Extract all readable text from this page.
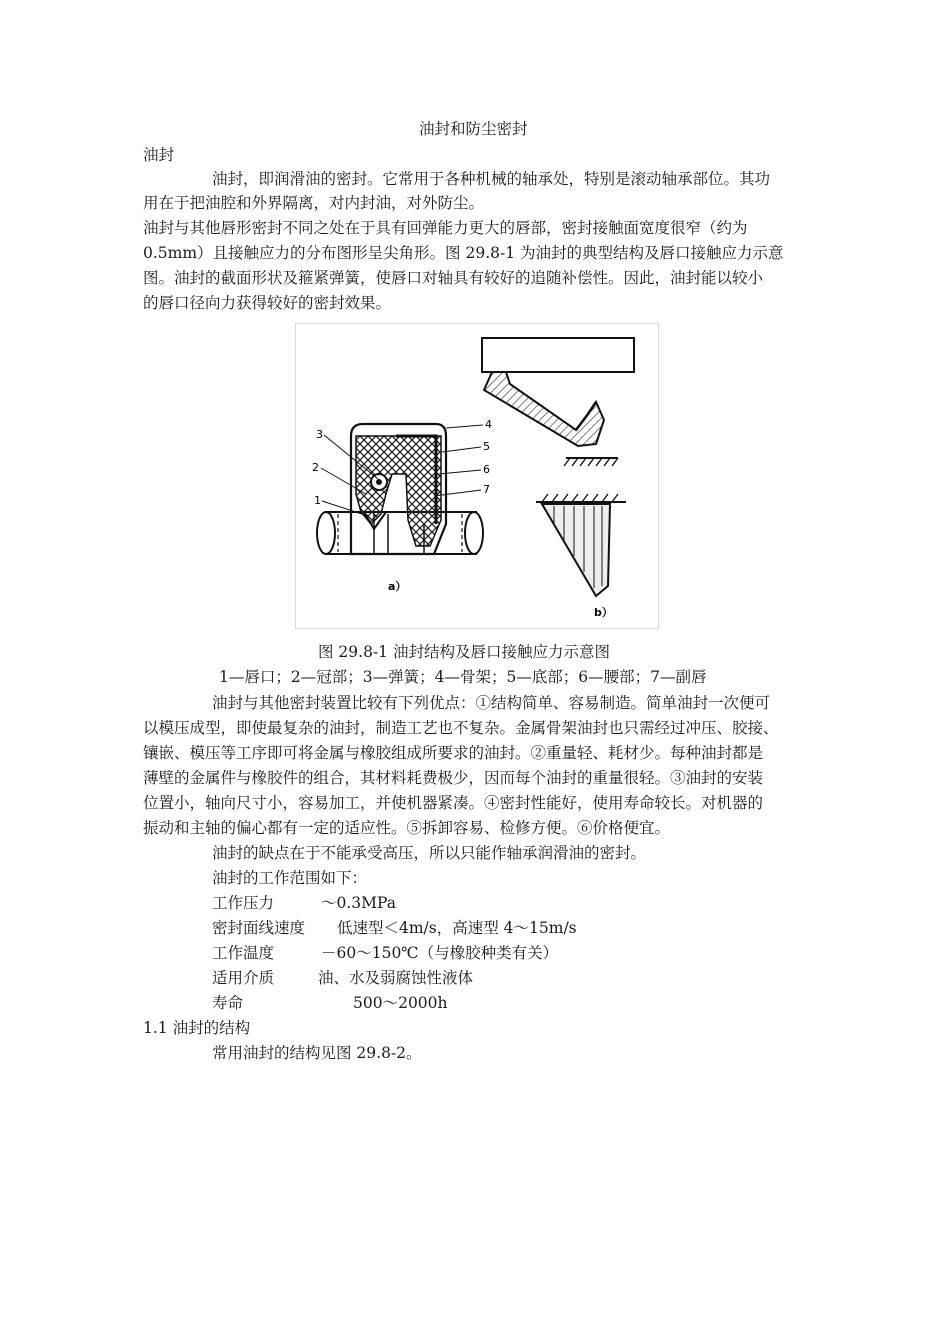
油封和防尘密封
油封
油封，即润滑油的密封。它常用于各种机械的轴承处，特别是滚动轴承部位。其功
用在于把油腔和外界隔离，对内封油，对外防尘。
油封与其他唇形密封不同之处在于具有回弹能力更大的唇部，密封接触面宽度很窄（约为
0.5mm）且接触应力的分布图形呈尖角形。图 29.8-1 为油封的典型结构及唇口接触应力示意
图。油封的截面形状及箍紧弹簧，使唇口对轴具有较好的追随补偿性。因此，油封能以较小
的唇口径向力获得较好的密封效果。
3
2
1
4
5
6
7
a）
b）
图 29.8-1 油封结构及唇口接触应力示意图
1—唇口；2—冠部；3—弹簧；4—骨架；5—底部；6—腰部；7—副唇
油封与其他密封装置比较有下列优点：①结构简单、容易制造。简单油封一次便可
以模压成型，即使最复杂的油封，制造工艺也不复杂。金属骨架油封也只需经过冲压、胶接、
镶嵌、模压等工序即可将金属与橡胶组成所要求的油封。②重量轻、耗材少。每种油封都是
薄壁的金属件与橡胶件的组合，其材料耗费极少，因而每个油封的重量很轻。③油封的安装
位置小，轴向尺寸小，容易加工，并使机器紧凑。④密封性能好，使用寿命较长。对机器的
振动和主轴的偏心都有一定的适应性。⑤拆卸容易、检修方便。⑥价格便宜。
油封的缺点在于不能承受高压，所以只能作轴承润滑油的密封。
油封的工作范围如下：
工作压力	～0.3MPa
密封面线速度 低速型＜4m/s，高速型 4～15m/s
工作温度	－60～150℃（与橡胶种类有关）
适用介质	油、水及弱腐蚀性液体
寿命	500～2000h
1.1 油封的结构
常用油封的结构见图 29.8-2。
